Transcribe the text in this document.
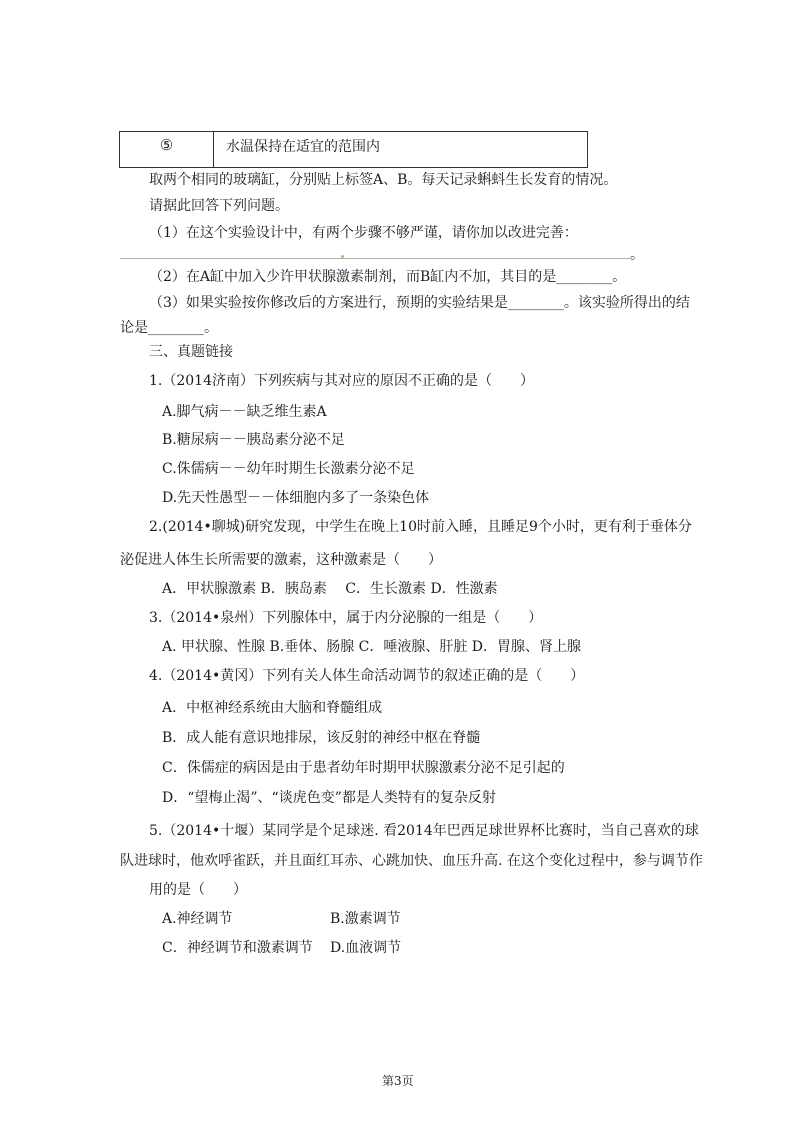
⑤	水温保持在适宜的范围内
取两个相同的玻璃缸，分别贴上标签A、B。每天记录蝌蚪生长发育的情况。
请据此回答下列问题。
（1）在这个实验设计中，有两个步骤不够严谨，请你加以改进完善：
。
（2）在A缸中加入少许甲状腺激素制剂，而B缸内不加，其目的是________。
（3）如果实验按你修改后的方案进行，预期的实验结果是________。该实验所得出的结
论是________。
三、真题链接
1.（2014济南）下列疾病与其对应的原因不正确的是（　　）
A.脚气病－－缺乏维生素A
B.糖尿病－－胰岛素分泌不足
C.侏儒病－－幼年时期生长激素分泌不足
D.先天性愚型－－体细胞内多了一条染色体
2.(2014•聊城)研究发现，中学生在晚上10时前入睡，且睡足9个小时，更有利于垂体分
泌促进人体生长所需要的激素，这种激素是（　　）
A．甲状腺激素 B．胰岛素　 C．生长激素 D．性激素
3.（2014•泉州）下列腺体中，属于内分泌腺的一组是（　　）
A. 甲状腺、性腺 B.垂体、肠腺 C．唾液腺、肝脏 D．胃腺、肾上腺
4.（2014•黄冈）下列有关人体生命活动调节的叙述正确的是（　　）
A．中枢神经系统由大脑和脊髓组成
B．成人能有意识地排尿，该反射的神经中枢在脊髓
C．侏儒症的病因是由于患者幼年时期甲状腺激素分泌不足引起的
D．“望梅止渴”、“谈虎色变”都是人类特有的复杂反射
5.（2014•十堰）某同学是个足球迷. 看2014年巴西足球世界杯比赛时，当自己喜欢的球
队进球时，他欢呼雀跃，并且面红耳赤、心跳加快、血压升高. 在这个变化过程中，参与调节作
用的是（　　）
A.神经调节	B.激素调节
C．神经调节和激素调节 D.血液调节
第3页
